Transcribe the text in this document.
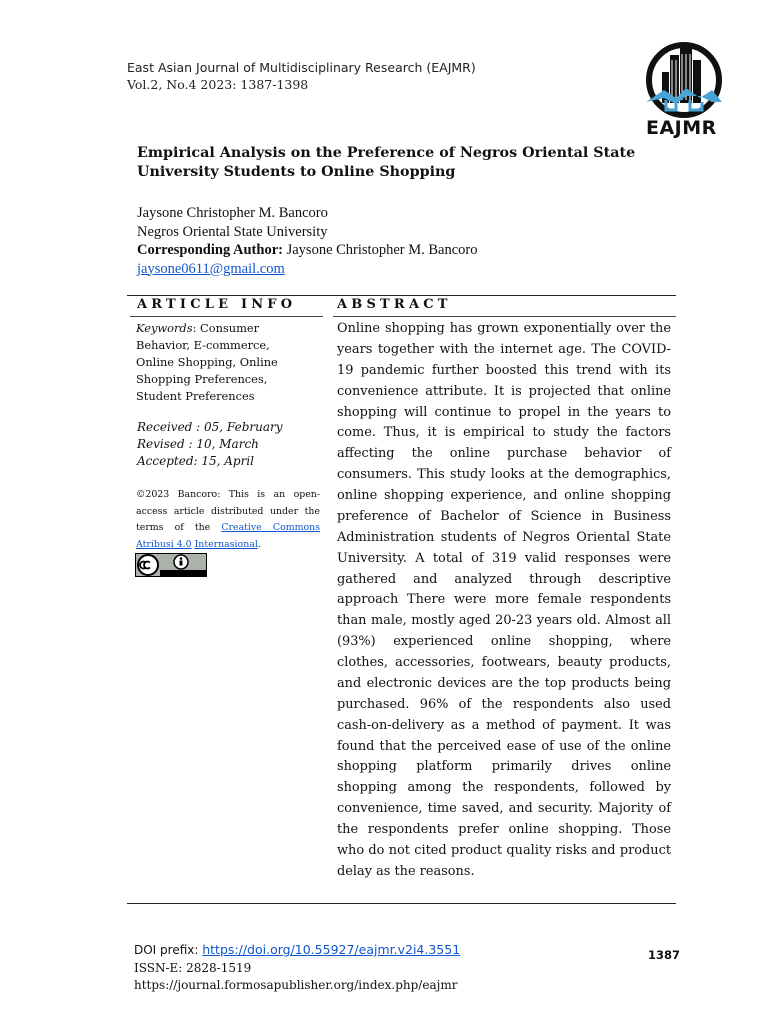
East Asian Journal of Multidisciplinary Research (EAJMR)
Vol.2, No.4 2023: 1387-1398
EAJMR
Empirical Analysis on the Preference of Negros Oriental State University Students to Online Shopping
Jaysone Christopher M. Bancoro
Negros Oriental State University
Corresponding Author: Jaysone Christopher M. Bancoro
jaysone0611@gmail.com
ARTICLE INFO	ABSTRACT
Keywords: Consumer Behavior, E-commerce, Online Shopping, Online Shopping Preferences, Student Preferences
Received : 05, February
Revised : 10, March
Accepted: 15, April
©2023 Bancoro: This is an open-access article distributed under the terms of the Creative Commons Atribusi 4.0 Internasional.
Online shopping has grown exponentially over the years together with the internet age. The COVID-19 pandemic further boosted this trend with its convenience attribute. It is projected that online shopping will continue to propel in the years to come. Thus, it is empirical to study the factors affecting the online purchase behavior of consumers. This study looks at the demographics, online shopping experience, and online shopping preference of Bachelor of Science in Business Administration students of Negros Oriental State University. A total of 319 valid responses were gathered and analyzed through descriptive approach There were more female respondents than male, mostly aged 20-23 years old. Almost all (93%) experienced online shopping, where clothes, accessories, footwears, beauty products, and electronic devices are the top products being purchased. 96% of the respondents also used cash-on-delivery as a method of payment. It was found that the perceived ease of use of the online shopping platform primarily drives online shopping among the respondents, followed by convenience, time saved, and security. Majority of the respondents prefer online shopping. Those who do not cited product quality risks and product delay as the reasons.
DOI prefix: https://doi.org/10.55927/eajmr.v2i4.3551
ISSN-E: 2828-1519
https://journal.formosapublisher.org/index.php/eajmr
1387
